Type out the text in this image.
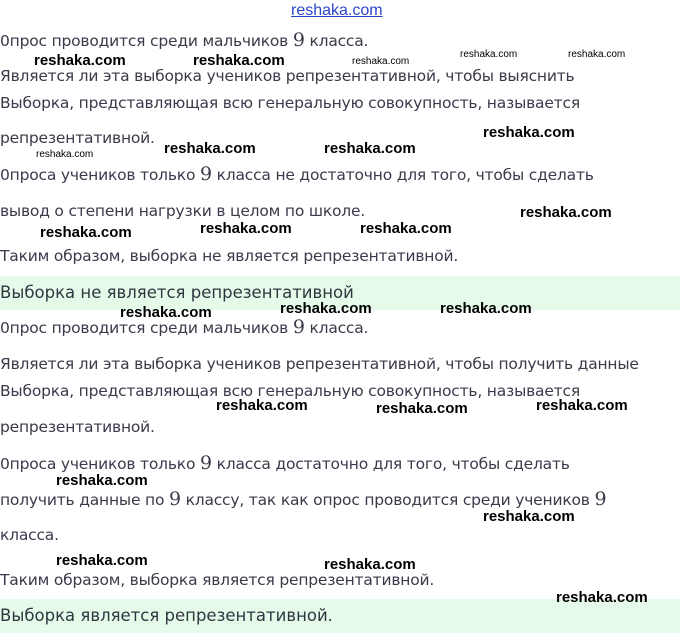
0прос проводится среди мальчиков 9 класса.
Является ли эта выборка учеников репрезентативной, чтобы выяснить
Выборка, представляющая всю генеральную совокупность, называется
репрезентативной.
0проса учеников только 9 класса не достаточно для того, чтобы сделать
вывод о степени нагрузки в целом по школе.
Таким образом, выборка не является репрезентативной.
Выборка не является репрезентативной
0прос проводится среди мальчиков 9 класса.
Является ли эта выборка учеников репрезентативной, чтобы получить данные
Выборка, представляющая всю генеральную совокупность, называется
репрезентативной.
0проса учеников только 9 класса достаточно для того, чтобы сделать
получить данные по 9 классу, так как опрос проводится среди учеников 9
класса.
Таким образом, выборка является репрезентативной.
Выборка является репрезентативной.
reshaka.com
reshaka.com	reshaka.com	reshaka.com
reshaka.com	reshaka.com
reshaka.com
reshaka.com	reshaka.com	reshaka.com
reshaka.com
reshaka.com	reshaka.com	reshaka.com
reshaka.com	reshaka.com	reshaka.com
reshaka.com	reshaka.com	reshaka.com
reshaka.com
reshaka.com
reshaka.com	reshaka.com
reshaka.com
